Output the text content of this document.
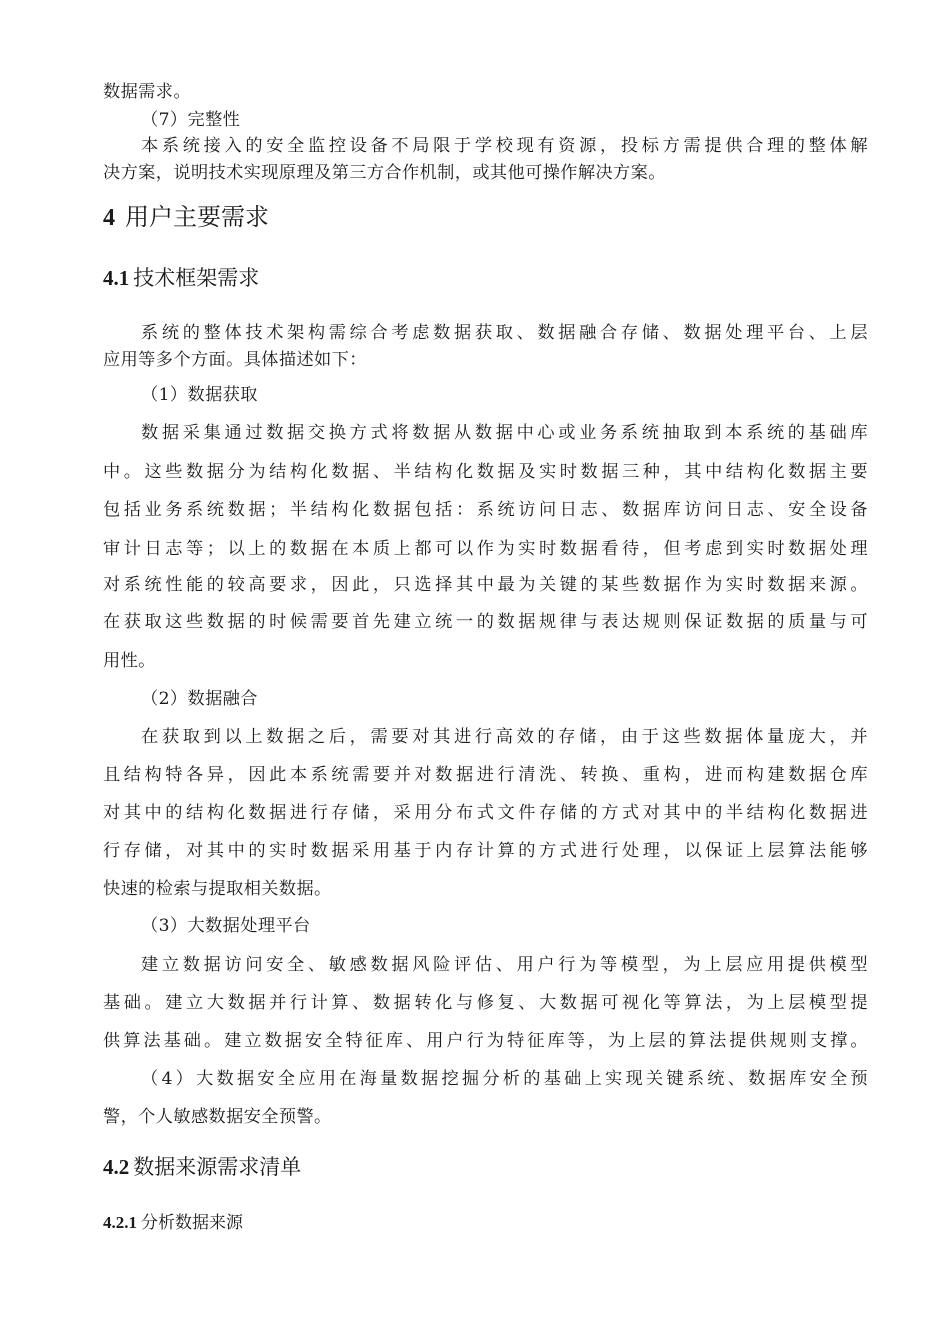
数据需求。
（7）完整性
本系统接入的安全监控设备不局限于学校现有资源，投标方需提供合理的整体解
决方案，说明技术实现原理及第三方合作机制，或其他可操作解决方案。
4 用户主要需求
4.1 技术框架需求
系统的整体技术架构需综合考虑数据获取、数据融合存储、数据处理平台、上层
应用等多个方面。具体描述如下：
（1）数据获取
数据采集通过数据交换方式将数据从数据中心或业务系统抽取到本系统的基础库
中。这些数据分为结构化数据、半结构化数据及实时数据三种，其中结构化数据主要
包括业务系统数据；半结构化数据包括：系统访问日志、数据库访问日志、安全设备
审计日志等；以上的数据在本质上都可以作为实时数据看待，但考虑到实时数据处理
对系统性能的较高要求，因此，只选择其中最为关键的某些数据作为实时数据来源。
在获取这些数据的时候需要首先建立统一的数据规律与表达规则保证数据的质量与可
用性。
（2）数据融合
在获取到以上数据之后，需要对其进行高效的存储，由于这些数据体量庞大，并
且结构特各异，因此本系统需要并对数据进行清洗、转换、重构，进而构建数据仓库
对其中的结构化数据进行存储，采用分布式文件存储的方式对其中的半结构化数据进
行存储，对其中的实时数据采用基于内存计算的方式进行处理，以保证上层算法能够
快速的检索与提取相关数据。
（3）大数据处理平台
建立数据访问安全、敏感数据风险评估、用户行为等模型，为上层应用提供模型
基础。建立大数据并行计算、数据转化与修复、大数据可视化等算法，为上层模型提
供算法基础。建立数据安全特征库、用户行为特征库等，为上层的算法提供规则支撑。
（4）大数据安全应用在海量数据挖掘分析的基础上实现关键系统、数据库安全预
警，个人敏感数据安全预警。
4.2 数据来源需求清单
4.2.1 分析数据来源
